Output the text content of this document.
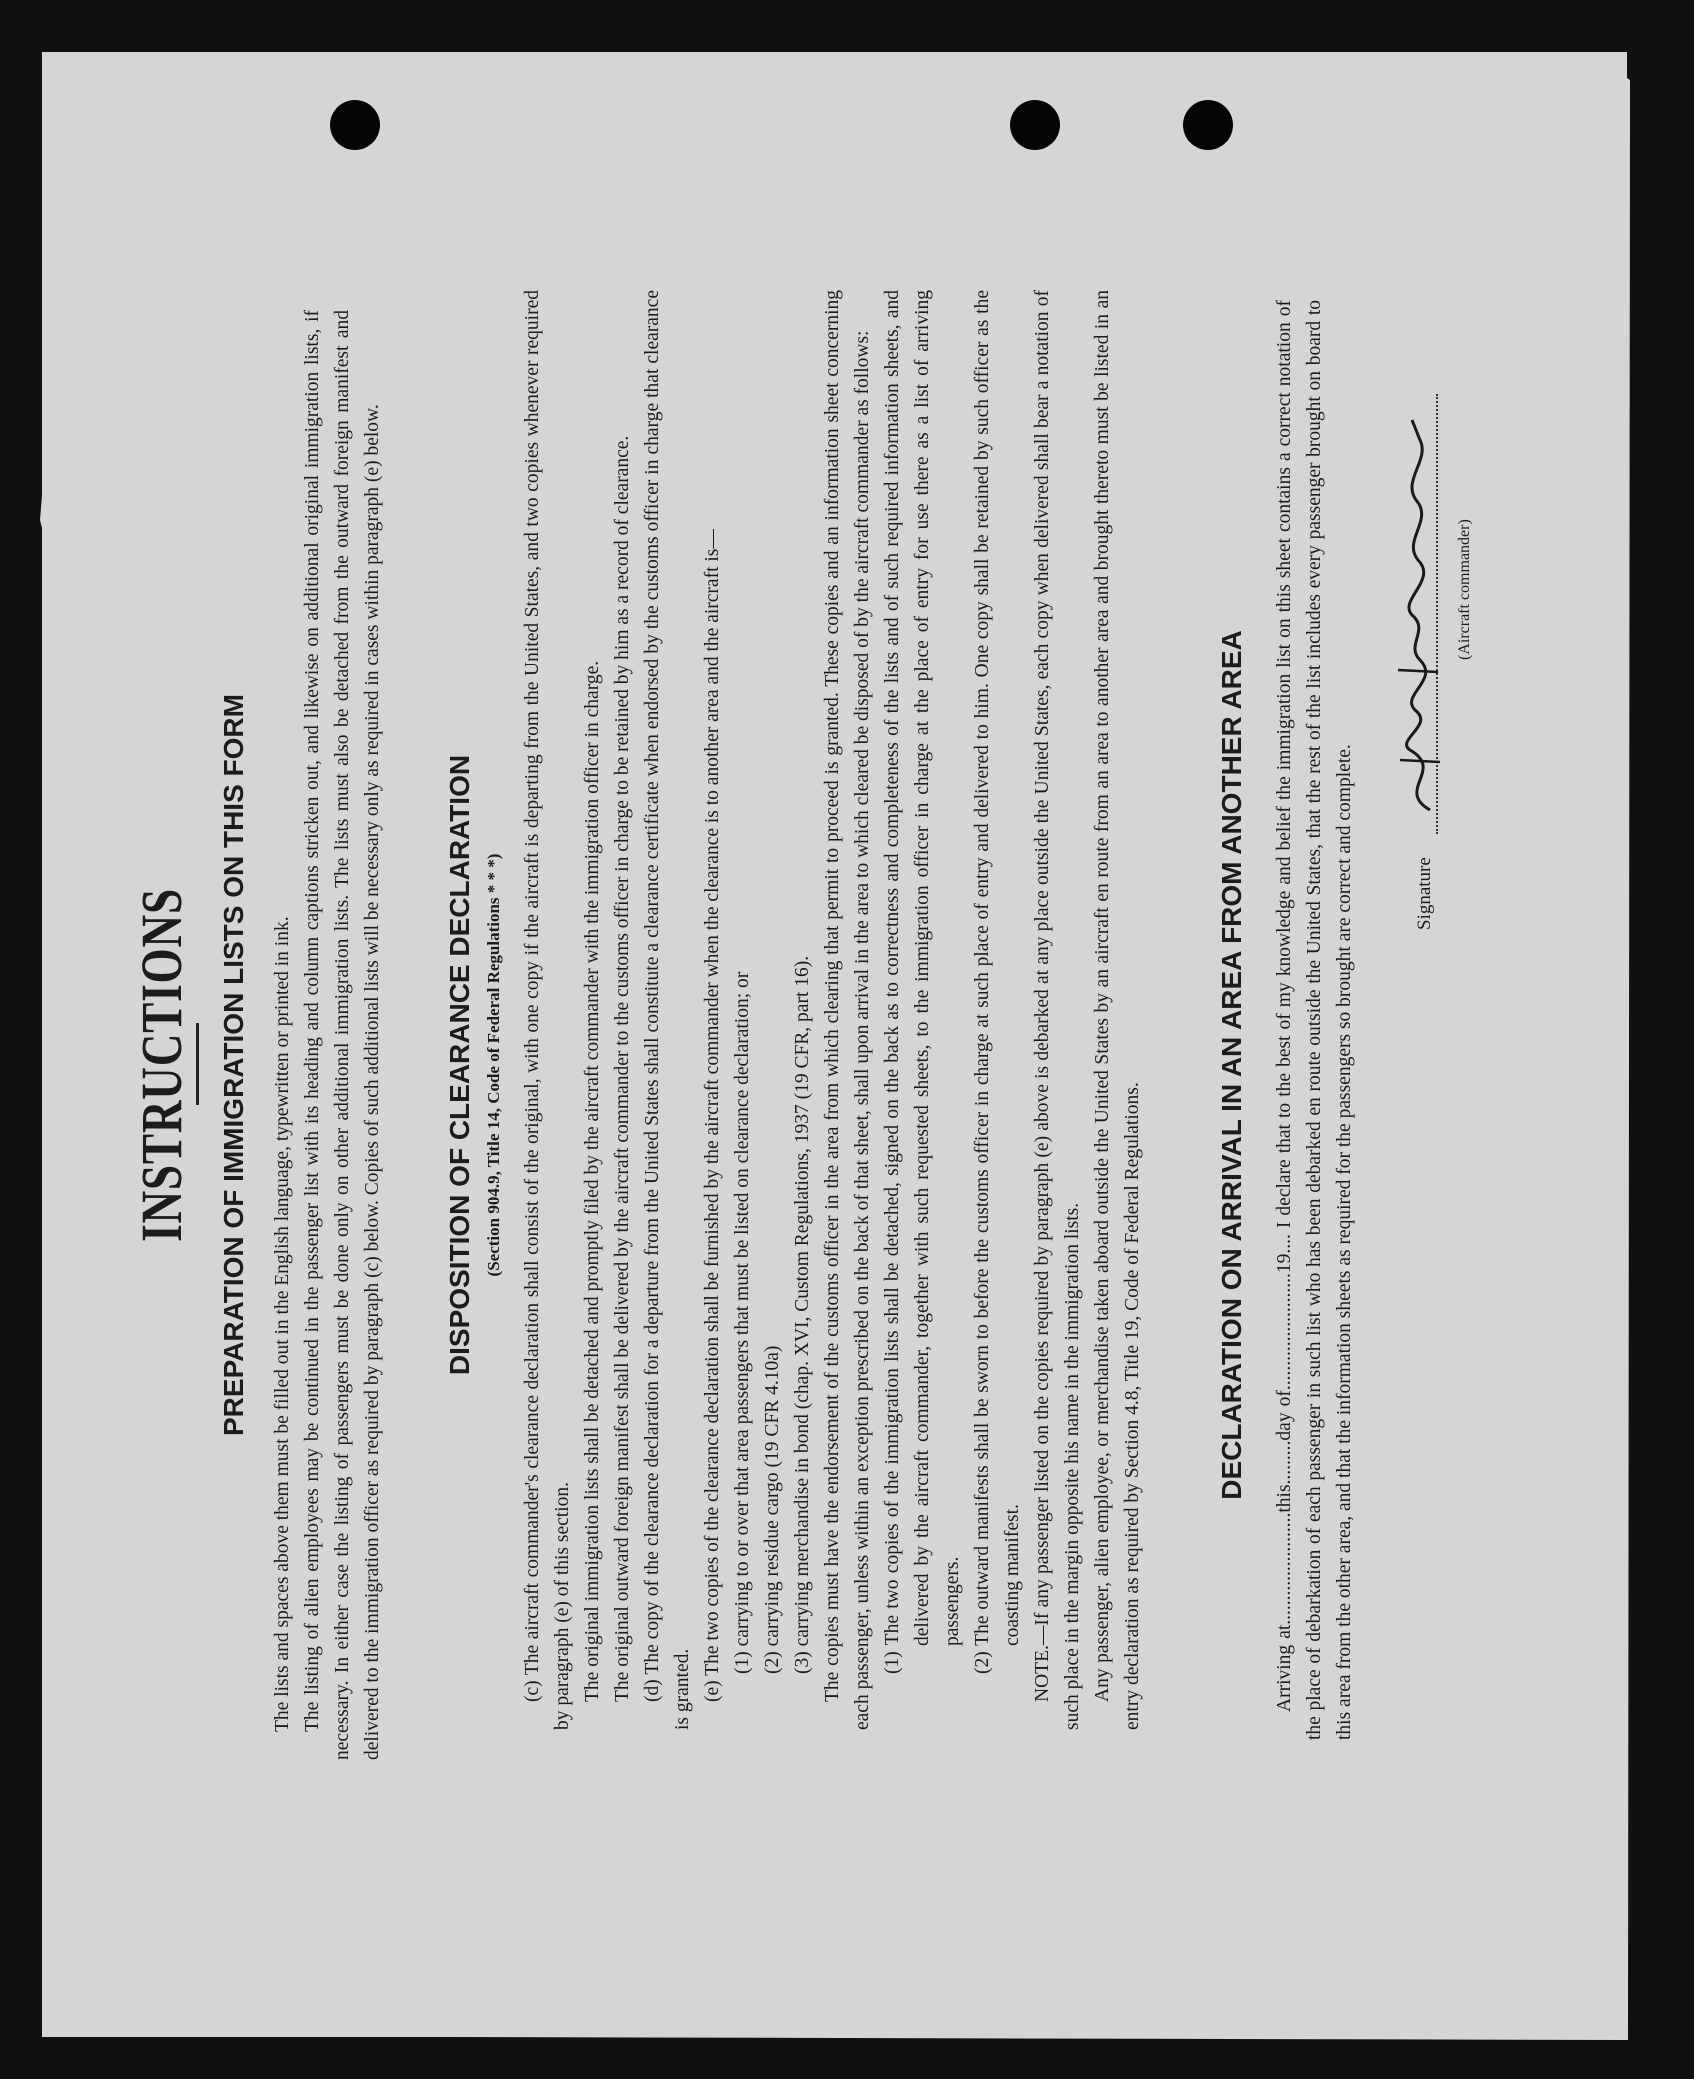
INSTRUCTIONS PREPARATION OF IMMIGRATION LISTS ON THIS FORM The lists and spaces above them must be filled out in the English language, typewritten or printed in ink. The listing of alien employees may be continued in the passenger list with its heading and column captions stricken out, and likewise on additional original immigration lists, if necessary. In either case the listing of passengers must be done only on other additional immigration lists. The lists must also be detached from the outward foreign manifest and delivered to the immigration officer as required by paragraph (c) below. Copies of such additional lists will be necessary only as required in cases within paragraph (e) below. DISPOSITION OF CLEARANCE DECLARATION (Section 904.9, Title 14, Code of Federal Regulations * * *) (c) The aircraft commander's clearance declaration shall consist of the original, with one copy if the aircraft is departing from the United States, and two copies whenever required by paragraph (e) of this section. The original immigration lists shall be detached and promptly filed by the aircraft commander with the immigration officer in charge. The original outward foreign manifest shall be delivered by the aircraft commander to the customs officer in charge to be retained by him as a record of clearance. (d) The copy of the clearance declaration for a departure from the United States shall constitute a clearance certificate when endorsed by the customs officer in charge that clearance is granted. (e) The two copies of the clearance declaration shall be furnished by the aircraft commander when the clearance is to another area and the aircraft is— (1) carrying to or over that area passengers that must be listed on clearance declaration; or (2) carrying residue cargo (19 CFR 4.10a) (3) carrying merchandise in bond (chap. XVI, Custom Regulations, 1937 (19 CFR, part 16). The copies must have the endorsement of the customs officer in the area from which clearing that permit to proceed is granted. These copies and an information sheet concerning each passenger, unless within an exception prescribed on the back of that sheet, shall upon arrival in the area to which cleared be disposed of by the aircraft commander as follows: (1) The two copies of the immigration lists shall be detached, signed on the back as to correctness and completeness of the lists and of such required information sheets, and delivered by the aircraft commander, together with such requested sheets, to the immigration officer in charge at the place of entry for use there as a list of arriving passengers. (2) The outward manifests shall be sworn to before the customs officer in charge at such place of entry and delivered to him. One copy shall be retained by such officer as the coasting manifest. NOTE.—If any passenger listed on the copies required by paragraph (e) above is debarked at any place outside the United States, each copy when delivered shall bear a notation of such place in the margin opposite his name in the immigration lists. Any passenger, alien employee, or merchandise taken aboard outside the United States by an aircraft en route from an area to another area and brought thereto must be listed in an entry declaration as required by Section 4.8, Title 19, Code of Federal Regulations.	DECLARATION ON ARRIVAL IN AN AREA FROM ANOTHER AREA Arriving at.......................this.........day of........................19.... I declare that to the best of my knowledge and belief the immigration list on this sheet contains a correct notation of the place of debarkation of each passenger in such list who has been debarked en route outside the United States, that the rest of the list includes every passenger brought on board to this area from the other area, and that the information sheets as required for the passengers so brought are correct and complete.	Signature
(Aircraft commander)
